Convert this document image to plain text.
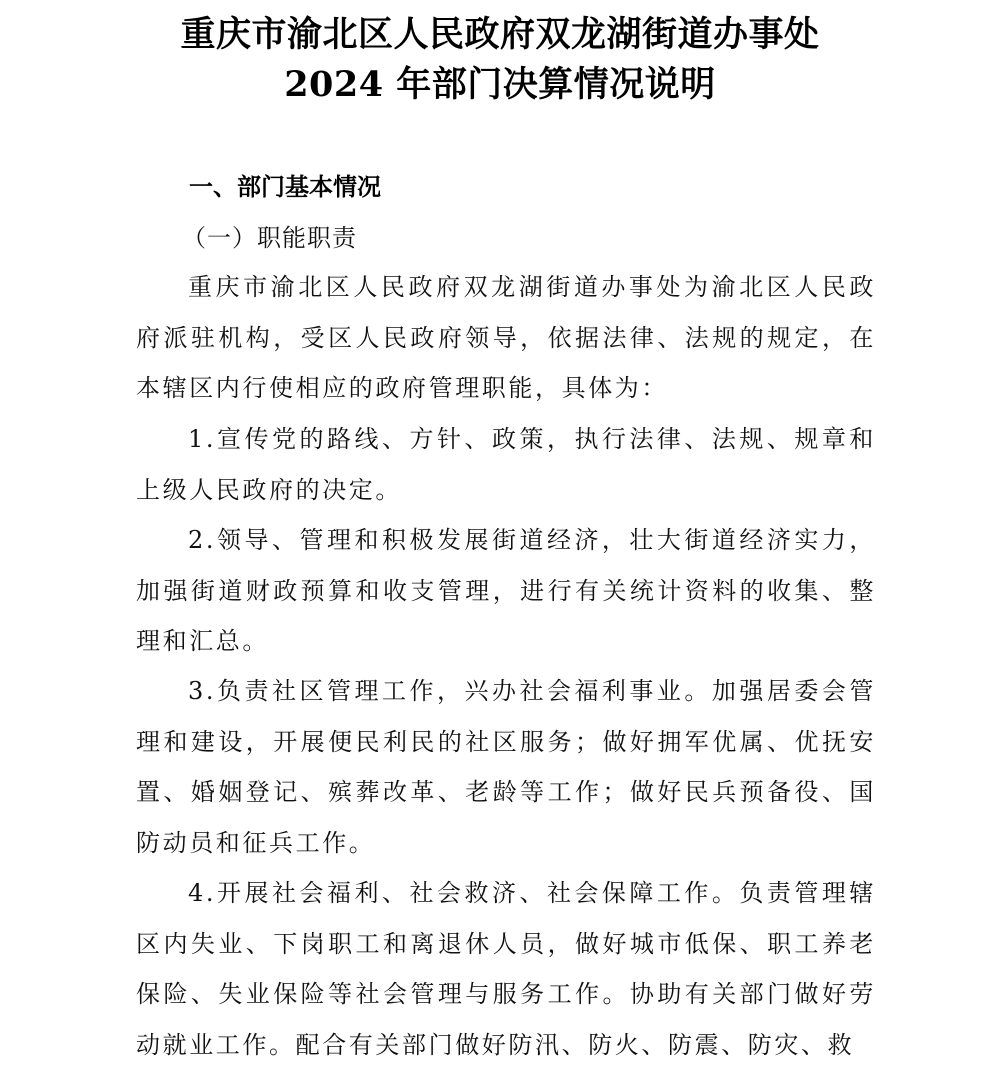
重庆市渝北区人民政府双龙湖街道办事处
2024 年部门决算情况说明
一、部门基本情况
（一）职能职责

重庆市渝北区人民政府双龙湖街道办事处为渝北区人民政府派驻机构，受区人民政府领导，依据法律、法规的规定，在本辖区内行使相应的政府管理职能，具体为：

1.宣传党的路线、方针、政策，执行法律、法规、规章和上级人民政府的决定。

2.领导、管理和积极发展街道经济，壮大街道经济实力，加强街道财政预算和收支管理，进行有关统计资料的收集、整理和汇总。

3.负责社区管理工作，兴办社会福利事业。加强居委会管理和建设，开展便民利民的社区服务；做好拥军优属、优抚安置、婚姻登记、殡葬改革、老龄等工作；做好民兵预备役、国防动员和征兵工作。

4.开展社会福利、社会救济、社会保障工作。负责管理辖区内失业、下岗职工和离退休人员，做好城市低保、职工养老保险、失业保险等社会管理与服务工作。协助有关部门做好劳动就业工作。配合有关部门做好防汛、防火、防震、防灾、救
